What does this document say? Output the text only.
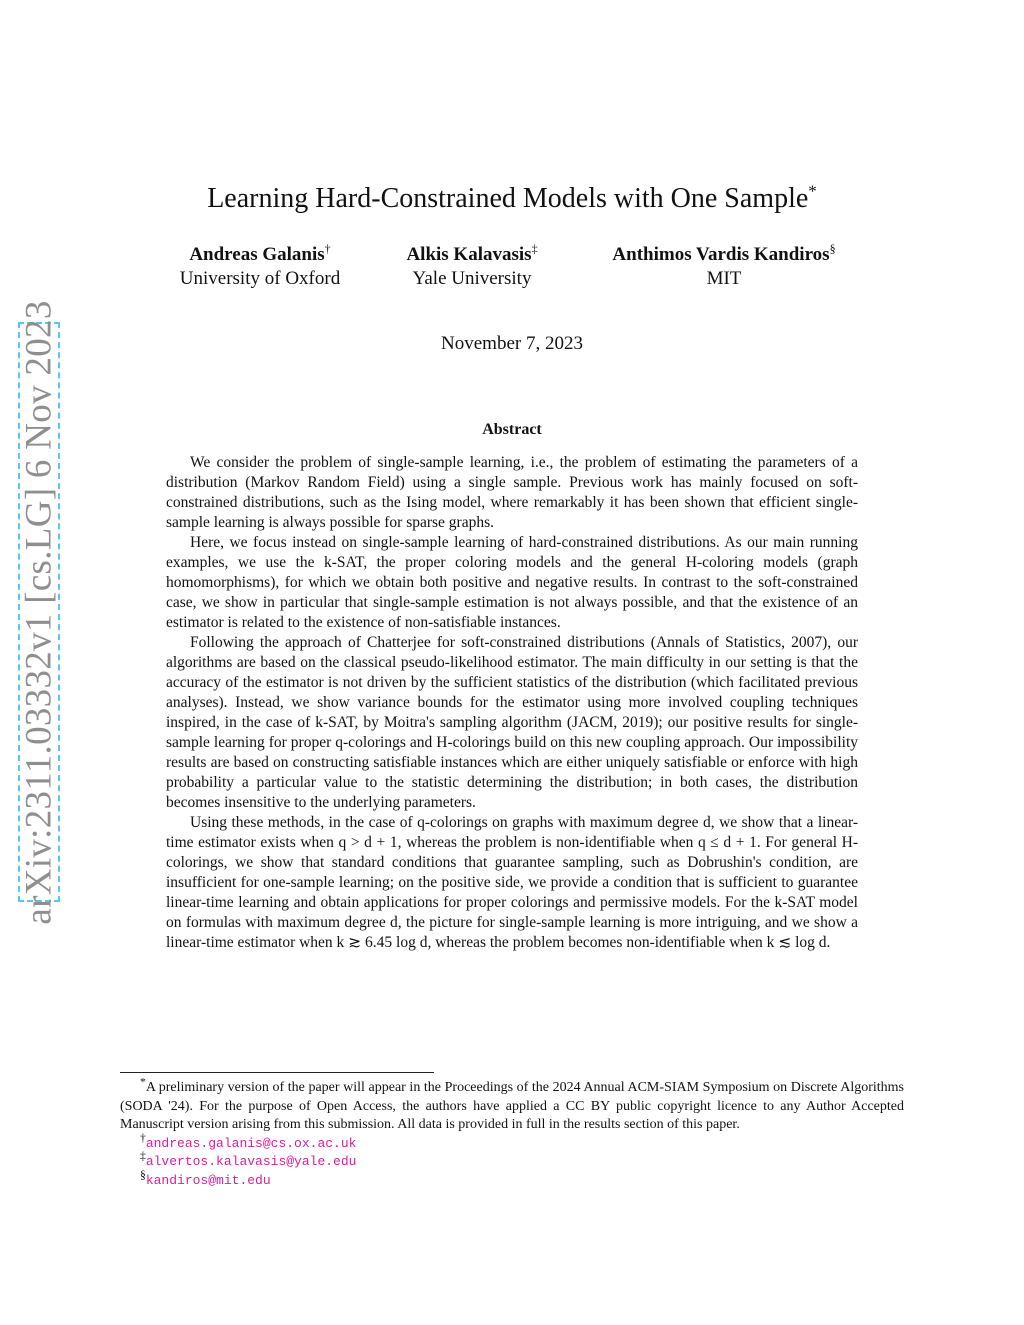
arXiv:2311.03332v1 [cs.LG] 6 Nov 2023
Learning Hard-Constrained Models with One Sample*
Andreas Galanis†
University of Oxford
Alkis Kalavasis‡
Yale University
Anthimos Vardis Kandiros§
MIT
November 7, 2023
Abstract

We consider the problem of single-sample learning, i.e., the problem of estimating the parameters of a distribution (Markov Random Field) using a single sample. Previous work has mainly focused on soft-constrained distributions, such as the Ising model, where remarkably it has been shown that efficient single-sample learning is always possible for sparse graphs.

Here, we focus instead on single-sample learning of hard-constrained distributions. As our main running examples, we use the k-SAT, the proper coloring models and the general H-coloring models (graph homomorphisms), for which we obtain both positive and negative results. In contrast to the soft-constrained case, we show in particular that single-sample estimation is not always possible, and that the existence of an estimator is related to the existence of non-satisfiable instances.

Following the approach of Chatterjee for soft-constrained distributions (Annals of Statistics, 2007), our algorithms are based on the classical pseudo-likelihood estimator. The main difficulty in our setting is that the accuracy of the estimator is not driven by the sufficient statistics of the distribution (which facilitated previous analyses). Instead, we show variance bounds for the estimator using more involved coupling techniques inspired, in the case of k-SAT, by Moitra's sampling algorithm (JACM, 2019); our positive results for single-sample learning for proper q-colorings and H-colorings build on this new coupling approach. Our impossibility results are based on constructing satisfiable instances which are either uniquely satisfiable or enforce with high probability a particular value to the statistic determining the distribution; in both cases, the distribution becomes insensitive to the underlying parameters.

Using these methods, in the case of q-colorings on graphs with maximum degree d, we show that a linear-time estimator exists when q > d + 1, whereas the problem is non-identifiable when q ≤ d + 1. For general H-colorings, we show that standard conditions that guarantee sampling, such as Dobrushin's condition, are insufficient for one-sample learning; on the positive side, we provide a condition that is sufficient to guarantee linear-time learning and obtain applications for proper colorings and permissive models. For the k-SAT model on formulas with maximum degree d, the picture for single-sample learning is more intriguing, and we show a linear-time estimator when k ≳ 6.45 log d, whereas the problem becomes non-identifiable when k ≲ log d.

*A preliminary version of the paper will appear in the Proceedings of the 2024 Annual ACM-SIAM Symposium on Discrete Algorithms (SODA '24). For the purpose of Open Access, the authors have applied a CC BY public copyright licence to any Author Accepted Manuscript version arising from this submission. All data is provided in full in the results section of this paper.

†andreas.galanis@cs.ox.ac.uk

‡alvertos.kalavasis@yale.edu

§kandiros@mit.edu
